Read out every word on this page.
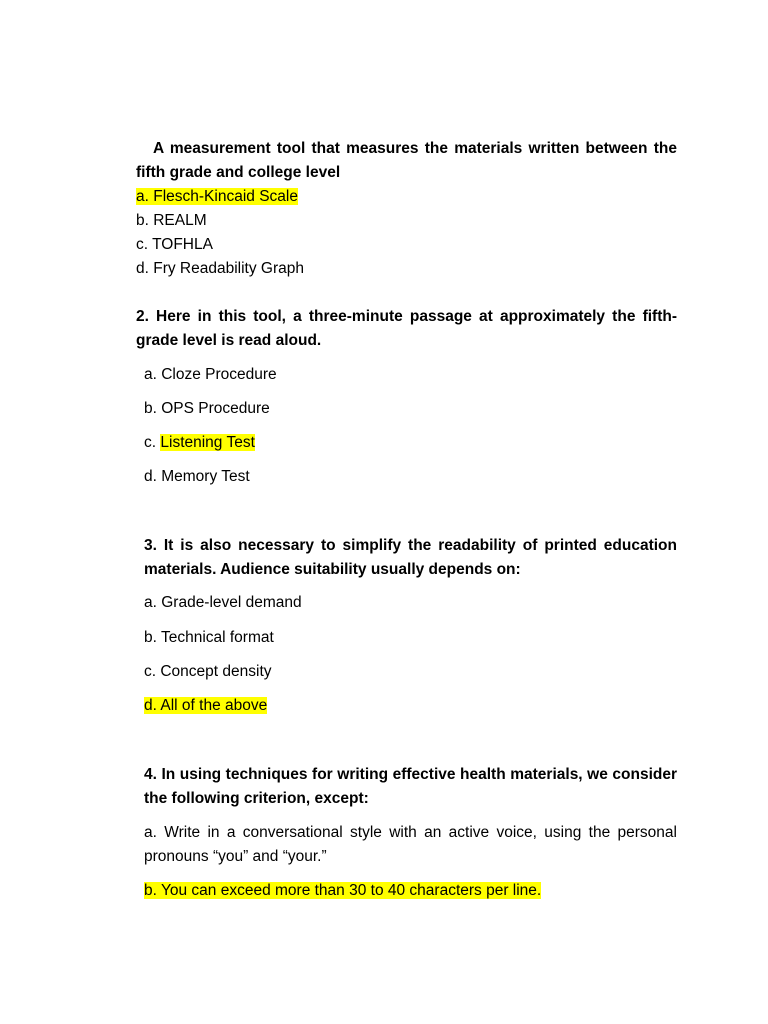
A measurement tool that measures the materials written between the fifth grade and college level
a. Flesch-Kincaid Scale
b. REALM
c. TOFHLA
d. Fry Readability Graph
2. Here in this tool, a three-minute passage at approximately the fifth-grade level is read aloud.
a. Cloze Procedure
b. OPS Procedure
c. Listening Test
d. Memory Test
3. It is also necessary to simplify the readability of printed education materials. Audience suitability usually depends on:
a. Grade-level demand
b. Technical format
c. Concept density
d. All of the above
4. In using techniques for writing effective health materials, we consider the following criterion, except:
a. Write in a conversational style with an active voice, using the personal pronouns “you” and “your.”
b. You can exceed more than 30 to 40 characters per line.
